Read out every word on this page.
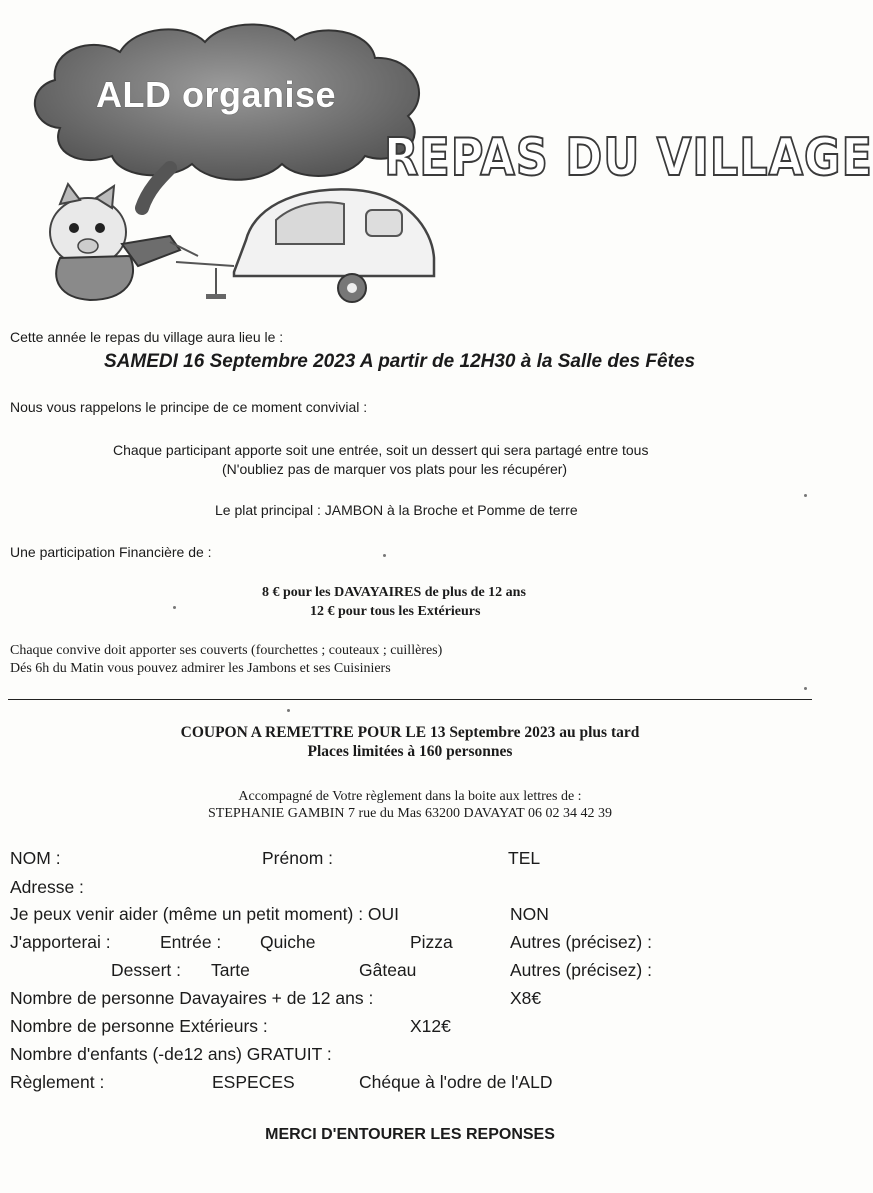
ALD organise
REPAS DU VILLAGE
Cette année le repas du village aura lieu le :
SAMEDI 16 Septembre 2023 A partir de 12H30 à la Salle des Fêtes
Nous vous rappelons le principe de ce moment convivial :
Chaque participant apporte soit une entrée, soit un dessert qui sera partagé entre tous
(N'oubliez pas de marquer vos plats pour les récupérer)
Le plat principal : JAMBON à la Broche et Pomme de terre
Une participation Financière de :
8 € pour les DAVAYAIRES de plus de 12 ans
12 € pour tous les Extérieurs
Chaque convive doit apporter ses couverts (fourchettes ; couteaux ; cuillères)
Dés 6h du Matin vous pouvez admirer les Jambons et ses Cuisiniers
COUPON A REMETTRE POUR LE 13 Septembre 2023 au plus tard
Places limitées à 160 personnes
Accompagné de Votre règlement dans la boite aux lettres de :
STEPHANIE GAMBIN 7 rue du Mas 63200 DAVAYAT 06 02 34 42 39
NOM :	Prénom :	TEL
Adresse :
Je peux venir aider (même un petit moment) : OUI	NON
J'apporterai :	Entrée : Quiche	Pizza	Autres (précisez) :
Dessert : Tarte	Gâteau	Autres (précisez) :
Nombre de personne Davayaires + de 12 ans :	X8€
Nombre de personne Extérieurs :	X12€
Nombre d'enfants (-de12 ans) GRATUIT :
Règlement :	ESPECES	Chéque à l'odre de l'ALD
MERCI D'ENTOURER LES REPONSES
